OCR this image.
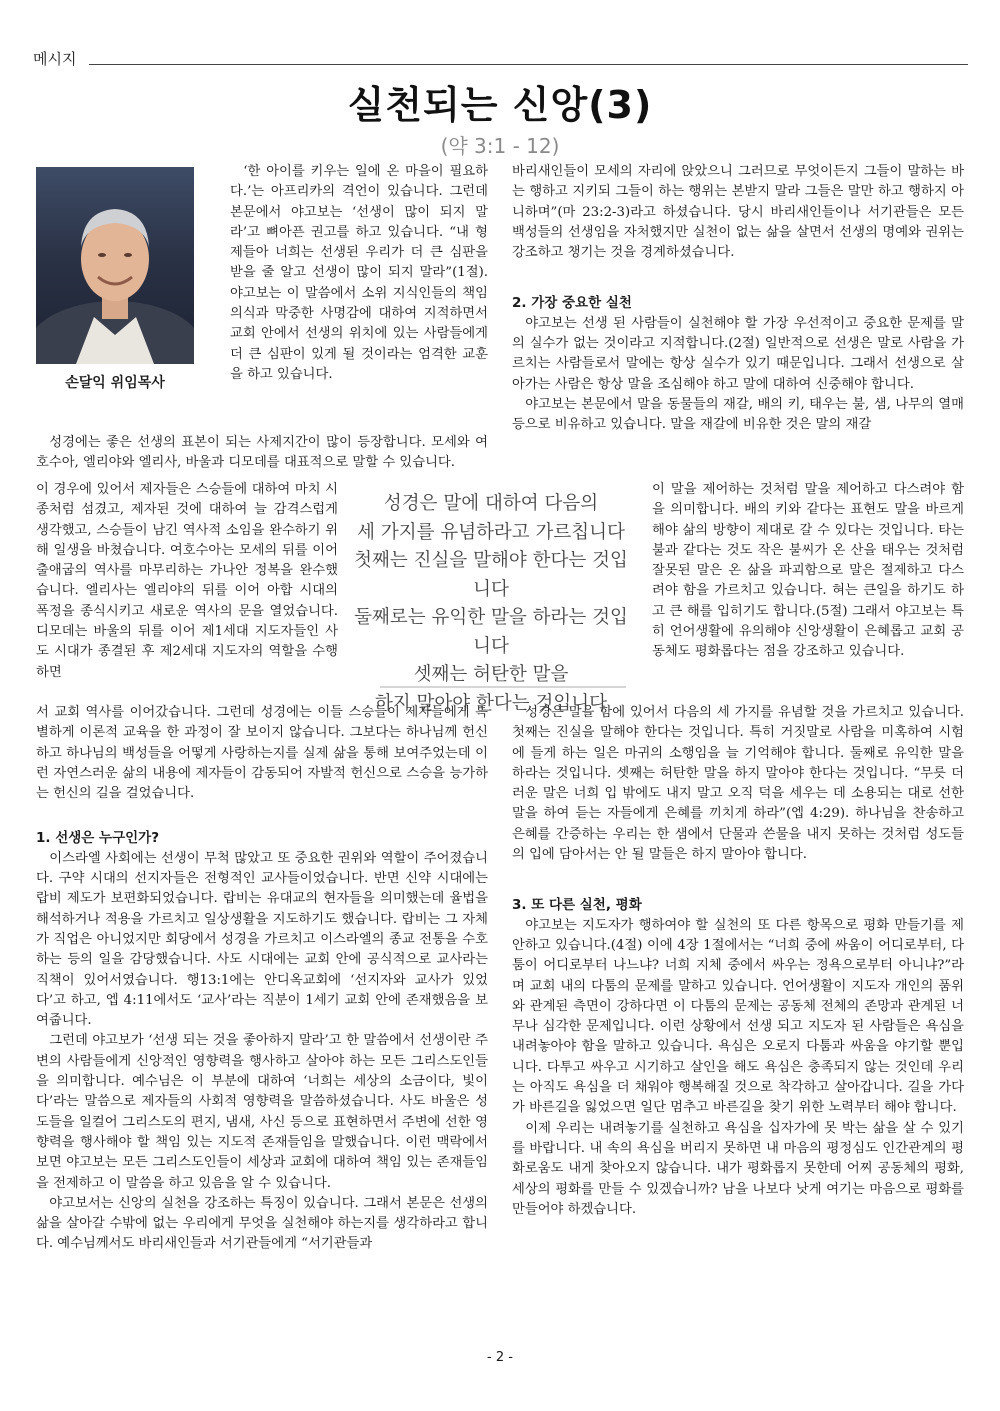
메시지
실천되는 신앙(3)
(약 3:1 - 12)
손달익 위임목사

‘한 아이를 키우는 일에 온 마을이 필요하다.’는 아프리카의 격언이 있습니다. 그런데 본문에서 야고보는 ‘선생이 많이 되지 말라’고 뼈아픈 권고를 하고 있습니다. “내 형제들아 너희는 선생된 우리가 더 큰 심판을 받을 줄 알고 선생이 많이 되지 말라”(1절). 야고보는 이 말씀에서 소위 지식인들의 책임의식과 막중한 사명감에 대하여 지적하면서 교회 안에서 선생의 위치에 있는 사람들에게 더 큰 심판이 있게 될 것이라는 엄격한 교훈을 하고 있습니다.

성경에는 좋은 선생의 표본이 되는 사제지간이 많이 등장합니다. 모세와 여호수아, 엘리야와 엘리사, 바울과 디모데를 대표적으로 말할 수 있습니다.

이 경우에 있어서 제자들은 스승들에 대하여 마치 시종처럼 섬겼고, 제자된 것에 대하여 늘 감격스럽게 생각했고, 스승들이 남긴 역사적 소임을 완수하기 위해 일생을 바쳤습니다. 여호수아는 모세의 뒤를 이어 출애굽의 역사를 마무리하는 가나안 정복을 완수했습니다. 엘리사는 엘리야의 뒤를 이어 아합 시대의 폭정을 종식시키고 새로운 역사의 문을 열었습니다. 디모데는 바울의 뒤를 이어 제1세대 지도자들인 사도 시대가 종결된 후 제2세대 지도자의 역할을 수행하면

서 교회 역사를 이어갔습니다. 그런데 성경에는 이들 스승들이 제자들에게 특별하게 이론적 교육을 한 과정이 잘 보이지 않습니다. 그보다는 하나님께 헌신하고 하나님의 백성들을 어떻게 사랑하는지를 실제 삶을 통해 보여주었는데 이런 자연스러운 삶의 내용에 제자들이 감동되어 자발적 헌신으로 스승을 능가하는 헌신의 길을 걸었습니다.

1. 선생은 누구인가?

이스라엘 사회에는 선생이 무척 많았고 또 중요한 권위와 역할이 주어졌습니다. 구약 시대의 선지자들은 전형적인 교사들이었습니다. 반면 신약 시대에는 랍비 제도가 보편화되었습니다. 랍비는 유대교의 현자들을 의미했는데 율법을 해석하거나 적용을 가르치고 일상생활을 지도하기도 했습니다. 랍비는 그 자체가 직업은 아니었지만 회당에서 성경을 가르치고 이스라엘의 종교 전통을 수호하는 등의 일을 감당했습니다. 사도 시대에는 교회 안에 공식적으로 교사라는 직책이 있어서였습니다. 행13:1에는 안디옥교회에 ‘선지자와 교사가 있었다’고 하고, 엡 4:11에서도 ‘교사’라는 직분이 1세기 교회 안에 존재했음을 보여줍니다.

그런데 야고보가 ‘선생 되는 것을 좋아하지 말라’고 한 말씀에서 선생이란 주변의 사람들에게 신앙적인 영향력을 행사하고 살아야 하는 모든 그리스도인들을 의미합니다. 예수님은 이 부분에 대하여 ‘너희는 세상의 소금이다, 빛이다’라는 말씀으로 제자들의 사회적 영향력을 말씀하셨습니다. 사도 바울은 성도들을 일컬어 그리스도의 편지, 냄새, 사신 등으로 표현하면서 주변에 선한 영향력을 행사해야 할 책임 있는 지도적 존재들임을 말했습니다. 이런 맥락에서 보면 야고보는 모든 그리스도인들이 세상과 교회에 대하여 책임 있는 존재들임을 전제하고 이 말씀을 하고 있음을 알 수 있습니다.

야고보서는 신앙의 실천을 강조하는 특징이 있습니다. 그래서 본문은 선생의 삶을 살아갈 수밖에 없는 우리에게 무엇을 실천해야 하는지를 생각하라고 합니다. 예수님께서도 바리새인들과 서기관들에게 “서기관들과

바리새인들이 모세의 자리에 앉았으니 그러므로 무엇이든지 그들이 말하는 바는 행하고 지키되 그들이 하는 행위는 본받지 말라 그들은 말만 하고 행하지 아니하며”(마 23:2-3)라고 하셨습니다. 당시 바리새인들이나 서기관들은 모든 백성들의 선생임을 자처했지만 실천이 없는 삶을 살면서 선생의 명예와 권위는 강조하고 챙기는 것을 경계하셨습니다.

2. 가장 중요한 실천

야고보는 선생 된 사람들이 실천해야 할 가장 우선적이고 중요한 문제를 말의 실수가 없는 것이라고 지적합니다.(2절) 일반적으로 선생은 말로 사람을 가르치는 사람들로서 말에는 항상 실수가 있기 때문입니다. 그래서 선생으로 살아가는 사람은 항상 말을 조심해야 하고 말에 대하여 신중해야 합니다.

야고보는 본문에서 말을 동물들의 재갈, 배의 키, 태우는 불, 샘, 나무의 열매 등으로 비유하고 있습니다. 말을 재갈에 비유한 것은 말의 재갈

이 말을 제어하는 것처럼 말을 제어하고 다스려야 함을 의미합니다. 배의 키와 같다는 표현도 말을 바르게 해야 삶의 방향이 제대로 갈 수 있다는 것입니다. 타는 불과 같다는 것도 작은 불씨가 온 산을 태우는 것처럼 잘못된 말은 온 삶을 파괴함으로 말은 절제하고 다스려야 함을 가르치고 있습니다. 혀는 큰일을 하기도 하고 큰 해를 입히기도 합니다.(5절) 그래서 야고보는 특히 언어생활에 유의해야 신앙생활이 은혜롭고 교회 공동체도 평화롭다는 점을 강조하고 있습니다.

성경은 말을 함에 있어서 다음의 세 가지를 유념할 것을 가르치고 있습니다. 첫째는 진실을 말해야 한다는 것입니다. 특히 거짓말로 사람을 미혹하여 시험에 들게 하는 일은 마귀의 소행임을 늘 기억해야 합니다. 둘째로 유익한 말을 하라는 것입니다. 셋째는 허탄한 말을 하지 말아야 한다는 것입니다. “무릇 더러운 말은 너희 입 밖에도 내지 말고 오직 덕을 세우는 데 소용되는 대로 선한 말을 하여 듣는 자들에게 은혜를 끼치게 하라”(엡 4:29). 하나님을 찬송하고 은혜를 간증하는 우리는 한 샘에서 단물과 쓴물을 내지 못하는 것처럼 성도들의 입에 담아서는 안 될 말들은 하지 말아야 합니다.

3. 또 다른 실천, 평화

야고보는 지도자가 행하여야 할 실천의 또 다른 항목으로 평화 만들기를 제안하고 있습니다.(4절) 이에 4장 1절에서는 “너희 중에 싸움이 어디로부터, 다툼이 어디로부터 나느냐? 너희 지체 중에서 싸우는 정욕으로부터 아니냐?”라며 교회 내의 다툼의 문제를 말하고 있습니다. 언어생활이 지도자 개인의 품위와 관계된 측면이 강하다면 이 다툼의 문제는 공동체 전체의 존망과 관계된 너무나 심각한 문제입니다. 이런 상황에서 선생 되고 지도자 된 사람들은 욕심을 내려놓아야 함을 말하고 있습니다. 욕심은 오로지 다툼과 싸움을 야기할 뿐입니다. 다투고 싸우고 시기하고 살인을 해도 욕심은 충족되지 않는 것인데 우리는 아직도 욕심을 더 채워야 행복해질 것으로 착각하고 살아갑니다. 길을 가다가 바른길을 잃었으면 일단 멈추고 바른길을 찾기 위한 노력부터 해야 합니다.

이제 우리는 내려놓기를 실천하고 욕심을 십자가에 못 박는 삶을 살 수 있기를 바랍니다. 내 속의 욕심을 버리지 못하면 내 마음의 평정심도 인간관계의 평화로움도 내게 찾아오지 않습니다. 내가 평화롭지 못한데 어찌 공동체의 평화, 세상의 평화를 만들 수 있겠습니까? 남을 나보다 낫게 여기는 마음으로 평화를 만들어야 하겠습니다.

성경은 말에 대하여 다음의
세 가지를 유념하라고 가르칩니다
첫째는 진실을 말해야 한다는 것입니다
둘째로는 유익한 말을 하라는 것입니다
셋째는 허탄한 말을
하지 말아야 한다는 것입니다
- 2 -
